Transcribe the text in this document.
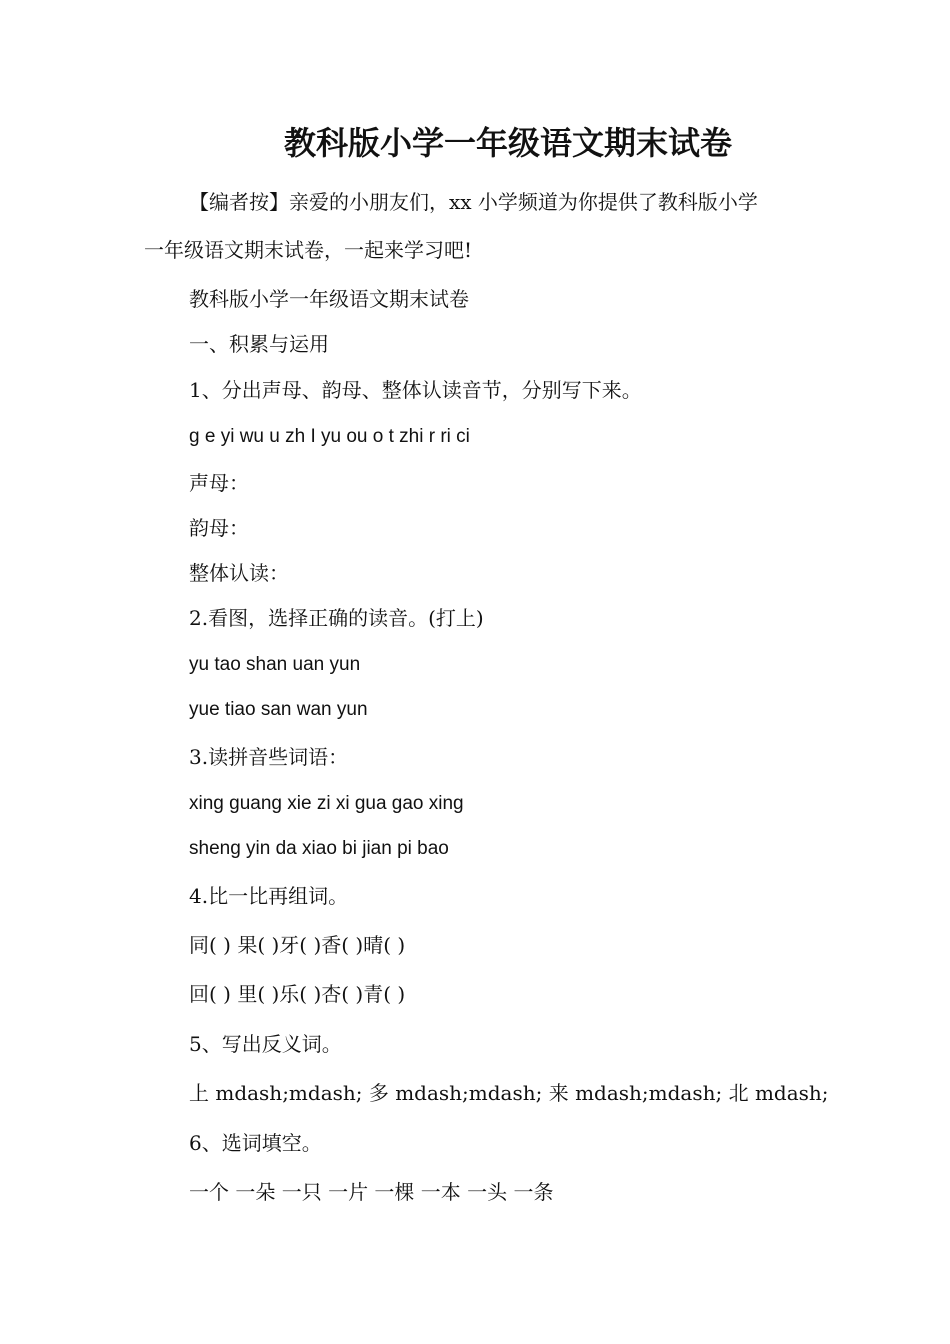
教科版小学一年级语文期末试卷
【编者按】亲爱的小朋友们，xx 小学频道为你提供了教科版小学
一年级语文期末试卷，一起来学习吧!
教科版小学一年级语文期末试卷
一、积累与运用
1、分出声母、韵母、整体认读音节，分别写下来。
g e yi wu u zh I yu ou o t zhi r ri ci
声母：
韵母：
整体认读：
2.看图，选择正确的读音。(打上)
yu tao shan uan yun
yue tiao san wan yun
3.读拼音些词语：
xing guang xie zi xi gua gao xing
sheng yin da xiao bi jian pi bao
4.比一比再组词。
同( ) 果( )牙( )香( )晴( )
回( ) 里( )乐( )杏( )青( )
5、写出反义词。
上 mdash;mdash; 多 mdash;mdash; 来 mdash;mdash; 北 mdash;
6、选词填空。
一个 一朵 一只 一片 一棵 一本 一头 一条
